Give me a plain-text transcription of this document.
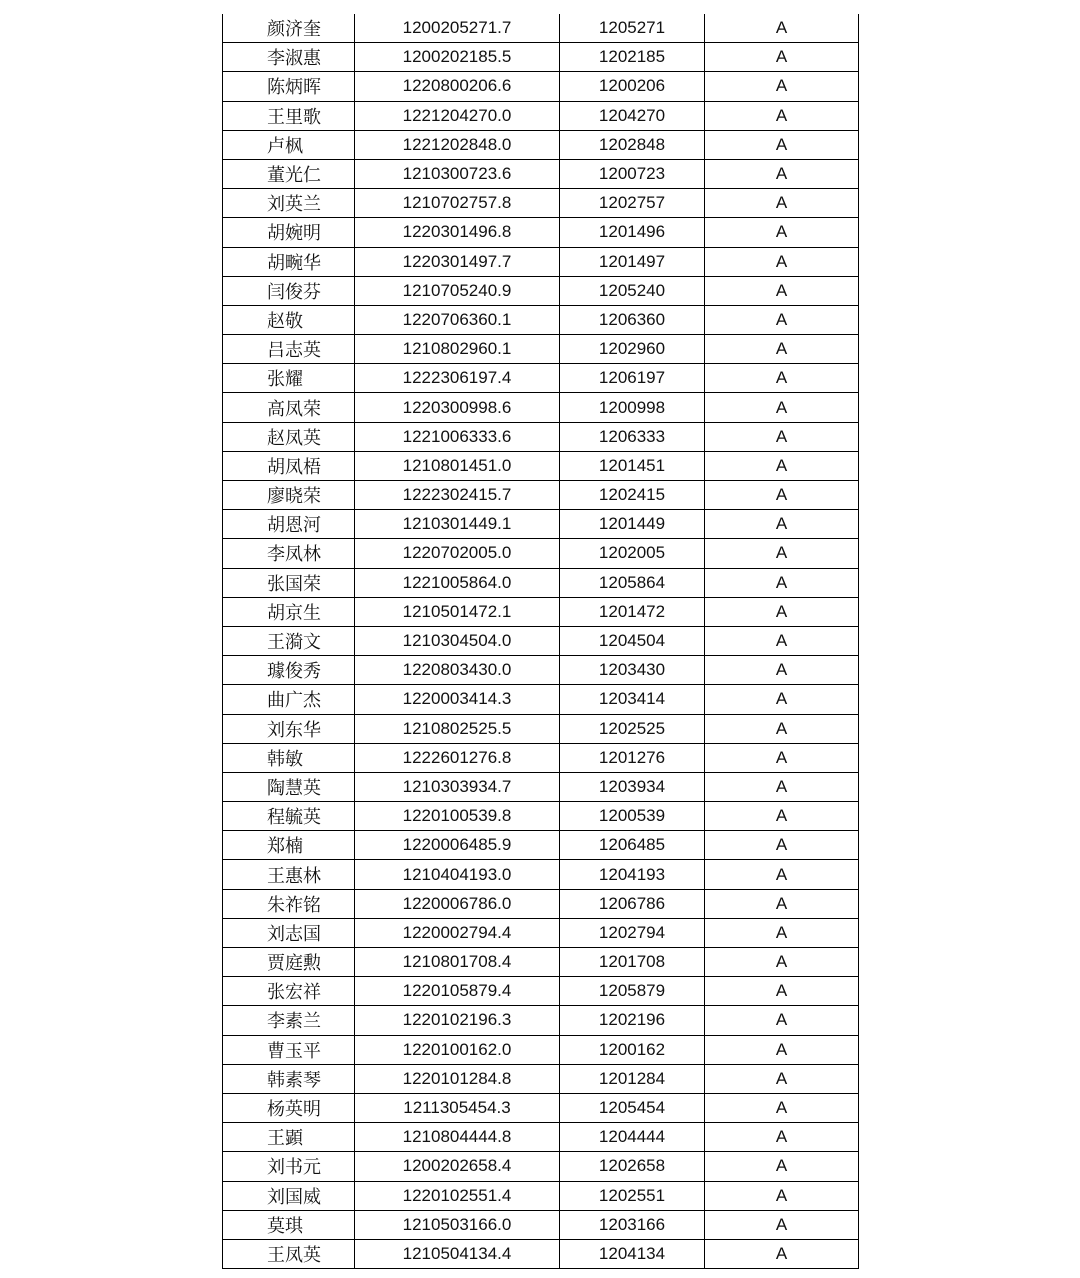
颜济奎	1200205271.7	1205271	A
李淑惠	1200202185.5	1202185	A
陈炳晖	1220800206.6	1200206	A
王里歌	1221204270.0	1204270	A
卢枫	1221202848.0	1202848	A
董光仁	1210300723.6	1200723	A
刘英兰	1210702757.8	1202757	A
胡婉明	1220301496.8	1201496	A
胡畹华	1220301497.7	1201497	A
闫俊芬	1210705240.9	1205240	A
赵敬	1220706360.1	1206360	A
吕志英	1210802960.1	1202960	A
张耀	1222306197.4	1206197	A
高凤荣	1220300998.6	1200998	A
赵凤英	1221006333.6	1206333	A
胡凤梧	1210801451.0	1201451	A
廖晓荣	1222302415.7	1202415	A
胡恩河	1210301449.1	1201449	A
李凤林	1220702005.0	1202005	A
张国荣	1221005864.0	1205864	A
胡京生	1210501472.1	1201472	A
王漪文	1210304504.0	1204504	A
璩俊秀	1220803430.0	1203430	A
曲广杰	1220003414.3	1203414	A
刘东华	1210802525.5	1202525	A
韩敏	1222601276.8	1201276	A
陶慧英	1210303934.7	1203934	A
程毓英	1220100539.8	1200539	A
郑楠	1220006485.9	1206485	A
王惠林	1210404193.0	1204193	A
朱祚铭	1220006786.0	1206786	A
刘志国	1220002794.4	1202794	A
贾庭勲	1210801708.4	1201708	A
张宏祥	1220105879.4	1205879	A
李素兰	1220102196.3	1202196	A
曹玉平	1220100162.0	1200162	A
韩素琴	1220101284.8	1201284	A
杨英明	1211305454.3	1205454	A
王顕	1210804444.8	1204444	A
刘书元	1200202658.4	1202658	A
刘国威	1220102551.4	1202551	A
莫琪	1210503166.0	1203166	A
王凤英	1210504134.4	1204134	A
